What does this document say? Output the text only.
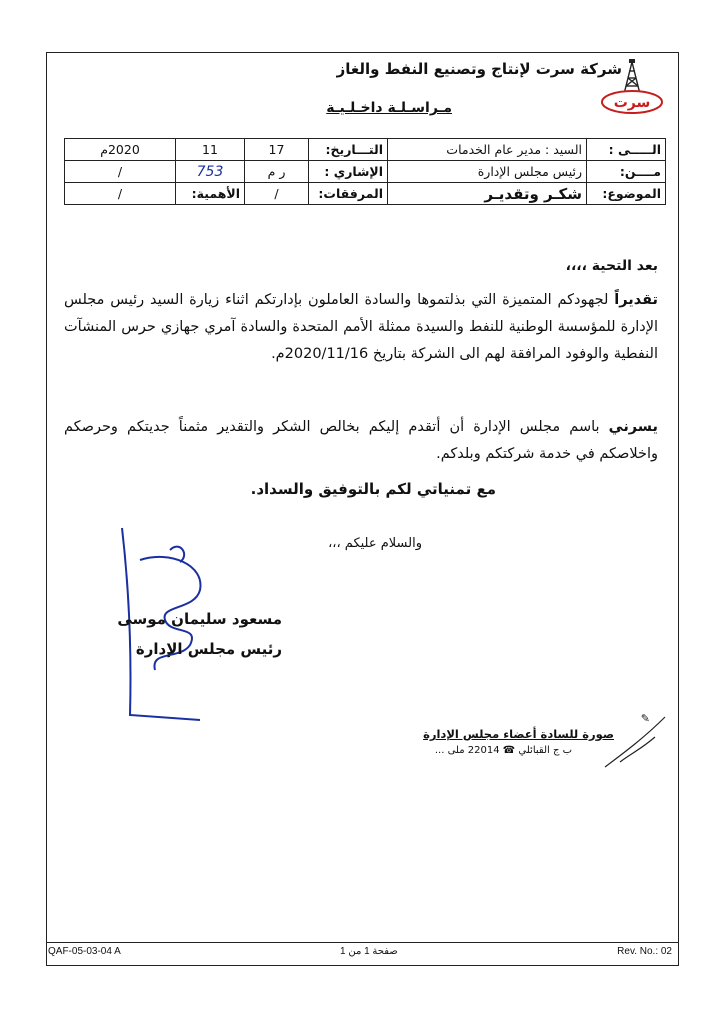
شركة سرت لإنتاج وتصنيع النفط والغاز
سرت
مـراسـلـة داخـلـيـة
الـــــى :	السيد : مدير عام الخدمات	التـــاريخ:	17	11	2020م
مــــن:	رئيس مجلس الإدارة	الإشاري :	ر م	753	/
الموضوع:	شكـر وتقديـر	المرفقات:	/	الأهمية:	/
بعد التحية ،،،،
تقديراً لجهودكم المتميزة التي بذلتموها والسادة العاملون بإدارتكم اثناء زيارة السيد رئيس مجلس الإدارة للمؤسسة الوطنية للنفط والسيدة ممثلة الأمم المتحدة والسادة آمري جهازي حرس المنشآت النفطية والوفود المرافقة لهم الى الشركة بتاريخ 2020/11/16م.
يسرني باسم مجلس الإدارة أن أتقدم إليكم بخالص الشكر والتقدير مثمناً جديتكم وحرصكم واخلاصكم في خدمة شركتكم وبلدكم.
مع تمنياتي لكم بالتوفيق والسداد.
والسلام عليكم ،،،
مسعود سليمان موسى
رئيس مجلس الإدارة
✎
صورة للسادة أعضاء مجلس الإدارة
ب ج القبائلي ☎ 22014 ملى ...
QAF-05-03-04 A	صفحة 1 من 1	Rev. No.: 02
